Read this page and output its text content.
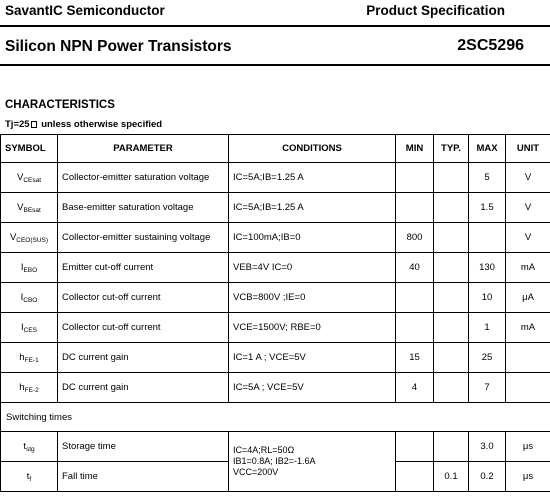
SavantIC Semiconductor	Product Specification
Silicon NPN Power Transistors	2SC5296
CHARACTERISTICS
Tj=25 unless otherwise specified
SYMBOL	PARAMETER	CONDITIONS	MIN	TYP.	MAX	UNIT
$V_{CEsat}$	Collector-emitter saturation voltage	IC=5A;IB=1.25 A			5	V
$V_{BEsat}$	Base-emitter saturation voltage	IC=5A;IB=1.25 A			1.5	V
$V_{CEO(SUS)}$	Collector-emitter sustaining voltage	IC=100mA;IB=0	800			V
$I_{EBO}$	Emitter cut-off current	VEB=4V IC=0	40		130	mA
$I_{CBO}$	Collector cut-off current	VCB=800V ;IE=0			10	μA
$I_{CES}$	Collector cut-off current	VCE=1500V; RBE=0			1	mA
$h_{FE-1}$	DC current gain	IC=1 A ; VCE=5V	15		25	
$h_{FE-2}$	DC current gain	IC=5A ; VCE=5V	4		7	
Switching times						
$t_{stg}$	Storage time	IC=4A;RL=50Ω
IB1=0.8A; IB2=-1.6A
VCC=200V			3.0	μs
$t_f$	Fall time			0.1	0.2	μs
